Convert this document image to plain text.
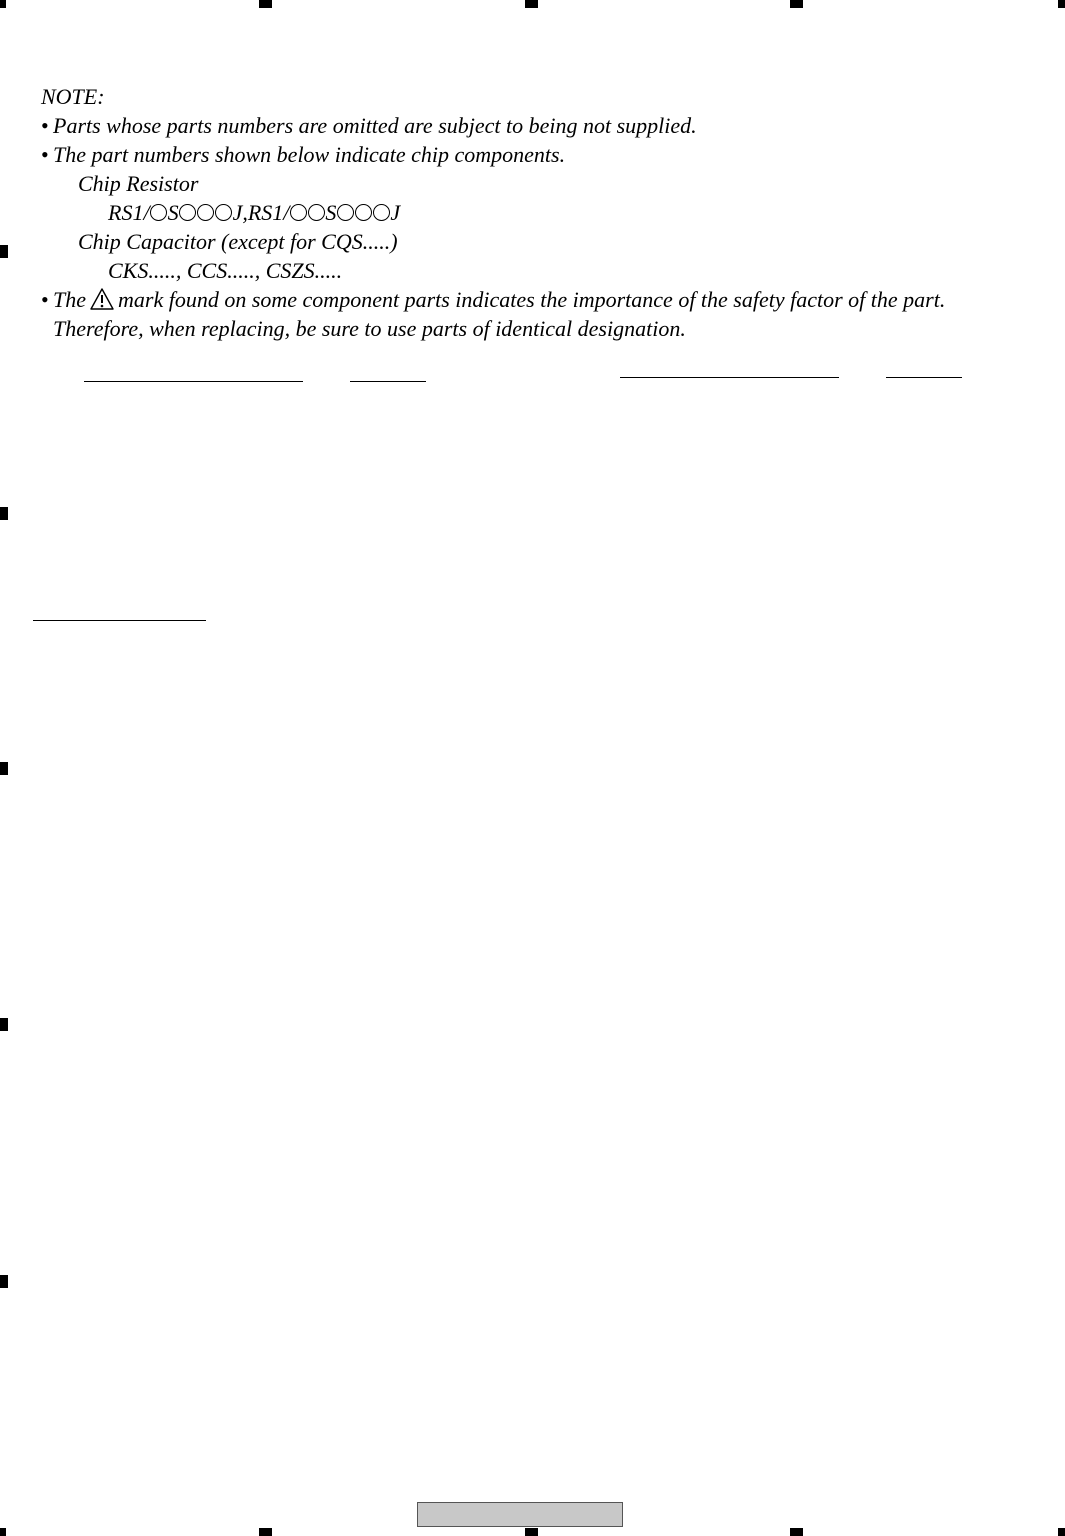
NOTE:
• Parts whose parts numbers are omitted are subject to being not supplied.
• The part numbers shown below indicate chip components.
Chip Resistor
RS1/ S J,RS1/ S J
Chip Capacitor (except for CQS.....)
CKS....., CCS....., CSZS.....
• The mark found on some component parts indicates the importance of the safety factor of the part.
Therefore, when replacing, be sure to use parts of identical designation.
